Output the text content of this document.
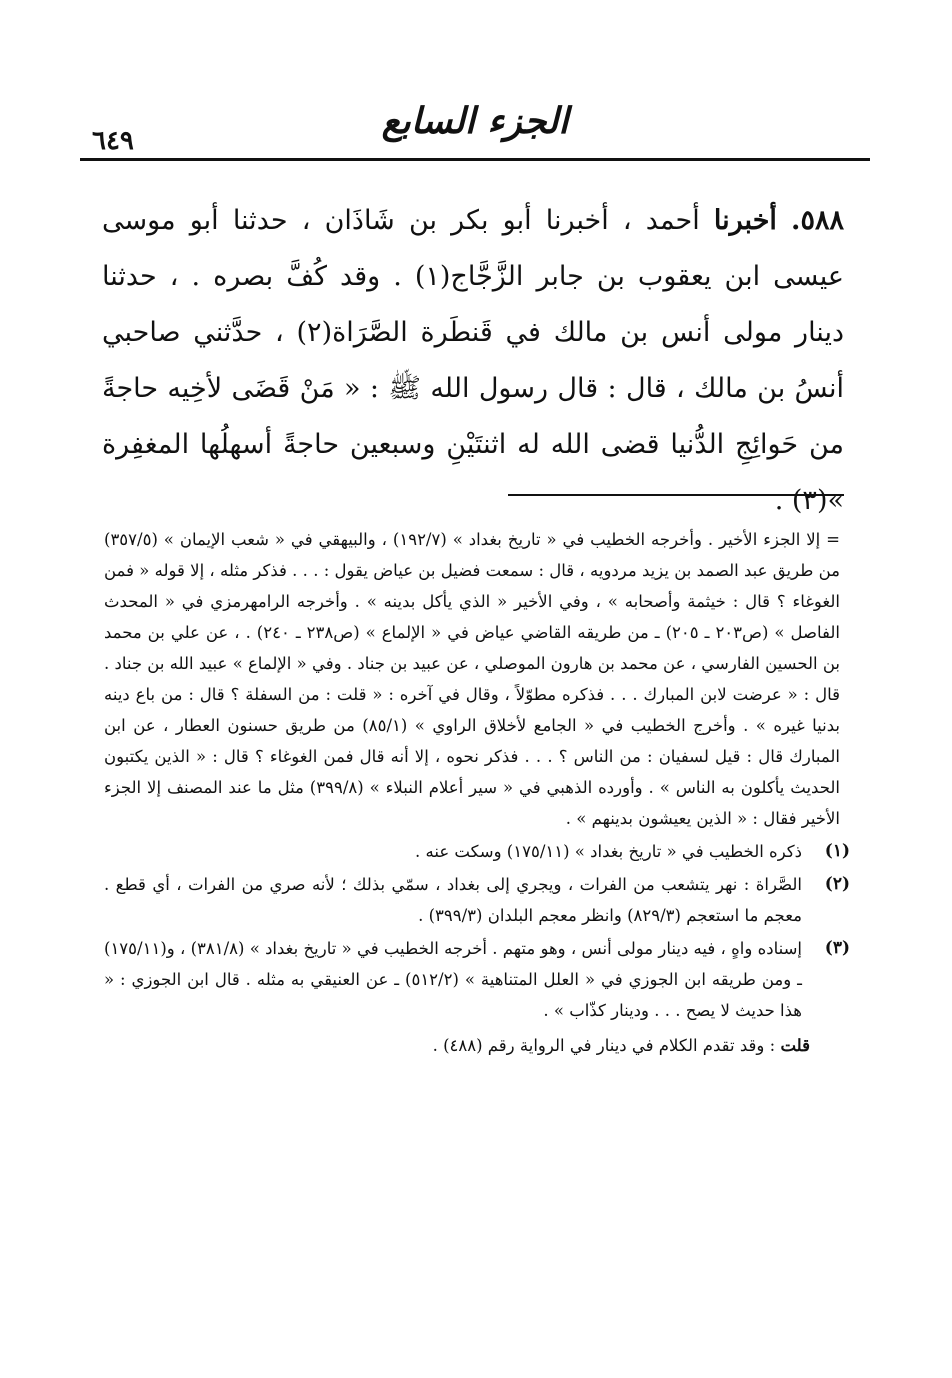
٦٤٩	الجزء السابع
٥٨٨. أخبرنا أحمد ، أخبرنا أبو بكر بن شَاذَان ، حدثنا أبو موسى عيسى ابن يعقوب بن جابر الزَّجَّاج(١) . وقد كُفَّ بصره . ، حدثنا دينار مولى أنس بن مالك في قَنطَرة الصَّرَاة(٢) ، حدَّثني صاحبي أنسُ بن مالك ، قال : قال رسول الله ﷺ : « مَنْ قَضَى لأخِيه حاجةً من حَوائِجِ الدُّنيا قضى الله له اثنتَيْنِ وسبعين حاجةً أسهلُها المغفِرة »(٣) .
= إلا الجزء الأخير . وأخرجه الخطيب في « تاريخ بغداد » (١٩٢/٧) ، والبيهقي في « شعب الإيمان » (٣٥٧/٥) من طريق عبد الصمد بن يزيد مردويه ، قال : سمعت فضيل بن عياض يقول : . . . فذكر مثله ، إلا قوله « فمن الغوغاء ؟ قال : خيثمة وأصحابه » ، وفي الأخير « الذي يأكل بدينه » . وأخرجه الرامهرمزي في « المحدث الفاصل » (ص٢٠٣ ـ ٢٠٥) ـ من طريقه القاضي عياض في « الإلماع » (ص٢٣٨ ـ ٢٤٠) . ، عن علي بن محمد بن الحسين الفارسي ، عن محمد بن هارون الموصلي ، عن عبيد بن جناد . وفي « الإلماع » عبيد الله بن جناد . قال : « عرضت لابن المبارك . . . فذكره مطوّلاً ، وقال في آخره : « قلت : من السفلة ؟ قال : من باع دينه بدنيا غيره » . وأخرج الخطيب في « الجامع لأخلاق الراوي » (٨٥/١) من طريق حسنون العطار ، عن ابن المبارك قال : قيل لسفيان : من الناس ؟ . . . فذكر نحوه ، إلا أنه قال فمن الغوغاء ؟ قال : « الذين يكتبون الحديث يأكلون به الناس » . وأورده الذهبي في « سير أعلام النبلاء » (٣٩٩/٨) مثل ما عند المصنف إلا الجزء الأخير فقال : « الذين يعيشون بدينهم » .
(١)
ذكره الخطيب في « تاريخ بغداد » (١٧٥/١١) وسكت عنه .
(٢)
الصَّراة : نهر يتشعب من الفرات ، ويجري إلى بغداد ، سمّي بذلك ؛ لأنه صري من الفرات ، أي قطع . معجم ما استعجم (٨٢٩/٣) وانظر معجم البلدان (٣٩٩/٣) .
(٣)
إسناده واهٍ ، فيه دينار مولى أنس ، وهو متهم . أخرجه الخطيب في « تاريخ بغداد » (٣٨١/٨) ، و(١٧٥/١١) ـ ومن طريقه ابن الجوزي في « العلل المتناهية » (٥١٢/٢) ـ عن العنيقي به مثله . قال ابن الجوزي : « هذا حديث لا يصح . . . ودينار كذّاب » .
قلت : وقد تقدم الكلام في دينار في الرواية رقم (٤٨٨) .
